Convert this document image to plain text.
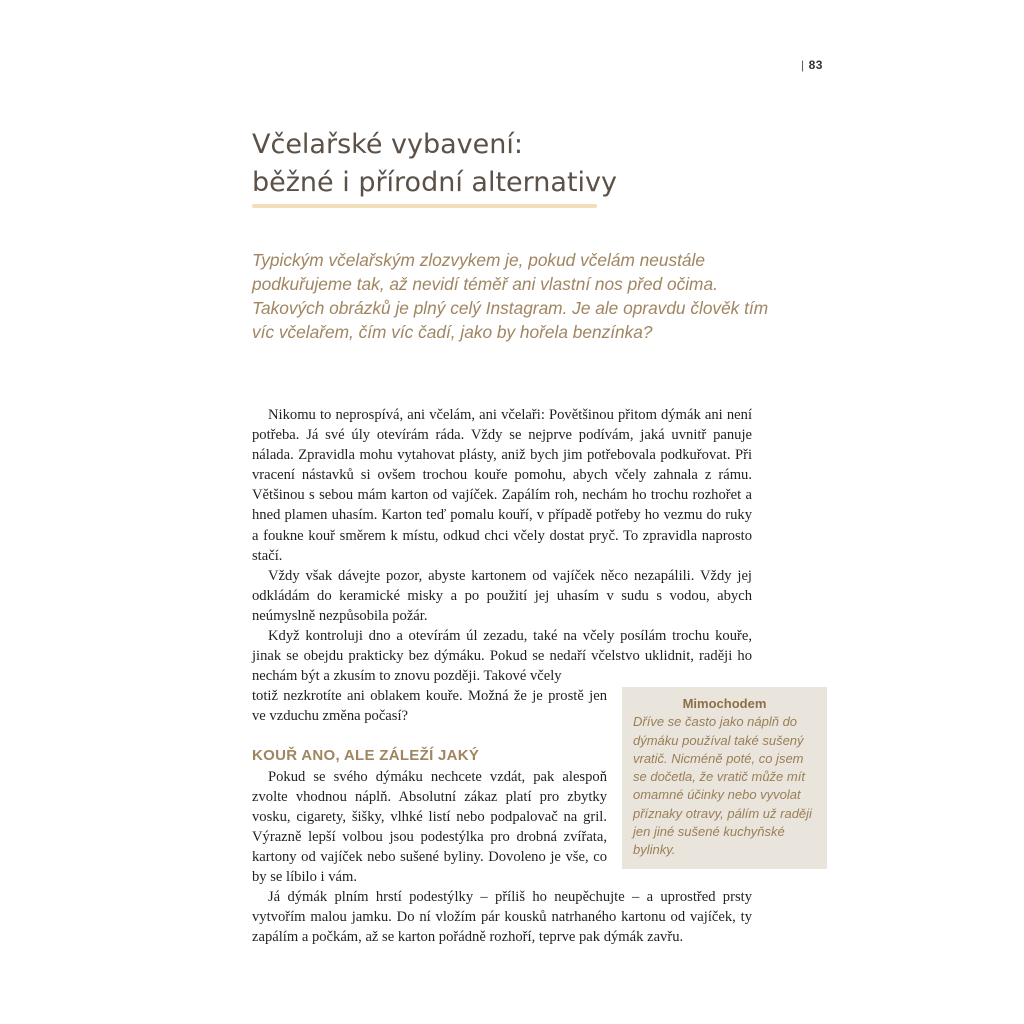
| 83
Včelařské vybavení:
běžné i přírodní alternativy

Typickým včelařským zlozvykem je, pokud včelám neustále podkuřujeme tak, až nevidí téměř ani vlastní nos před očima. Takových obrázků je plný celý Instagram. Je ale opravdu člověk tím víc včelařem, čím víc čadí, jako by hořela benzínka?

Nikomu to neprospívá, ani včelám, ani včelaři: Povětšinou přitom dýmák ani není potřeba. Já své úly otevírám ráda. Vždy se nejprve podívám, jaká uvnitř panuje nálada. Zpravidla mohu vytahovat plásty, aniž bych jim potřebovala podkuřovat. Při vracení nástavků si ovšem trochou kouře pomohu, abych včely zahnala z rámu. Většinou s sebou mám karton od vajíček. Zapálím roh, nechám ho trochu rozhořet a hned plamen uhasím. Karton teď pomalu kouří, v případě potřeby ho vezmu do ruky a foukne kouř směrem k místu, odkud chci včely dostat pryč. To zpravidla naprosto stačí.

Vždy však dávejte pozor, abyste kartonem od vajíček něco nezapálili. Vždy jej odkládám do keramické misky a po použití jej uhasím v sudu s vodou, abych neúmyslně nezpůsobila požár.

Když kontroluji dno a otevírám úl zezadu, také na včely posílám trochu kouře, jinak se obejdu prakticky bez dýmáku. Pokud se nedaří včelstvo uklidnit, raději ho nechám být a zkusím to znovu později. Takové včely

totiž nezkrotíte ani oblakem kouře. Možná že je prostě jen ve vzduchu změna počasí?

KOUŘ ANO, ALE ZÁLEŽÍ JAKÝ

Pokud se svého dýmáku nechcete vzdát, pak alespoň zvolte vhodnou náplň. Absolutní zákaz platí pro zbytky vosku, cigarety, šišky, vlhké listí nebo podpalovač na gril. Výrazně lepší volbou jsou podestýlka pro drobná zvířata, kartony od vajíček nebo sušené byliny. Dovoleno je vše, co by se líbilo i vám.

Já dýmák plním hrstí podestýlky – příliš ho neupěchujte – a uprostřed prsty vytvořím malou jamku. Do ní vložím pár kousků natrhaného kartonu od vajíček, ty zapálím a počkám, až se karton pořádně rozhoří, teprve pak dýmák zavřu.

Mimochodem

Dříve se často jako náplň do dýmáku používal také sušený vratič. Nicméně poté, co jsem se dočetla, že vratič může mít omamné účinky nebo vyvolat příznaky otravy, pálím už raději jen jiné sušené kuchyňské bylinky.
